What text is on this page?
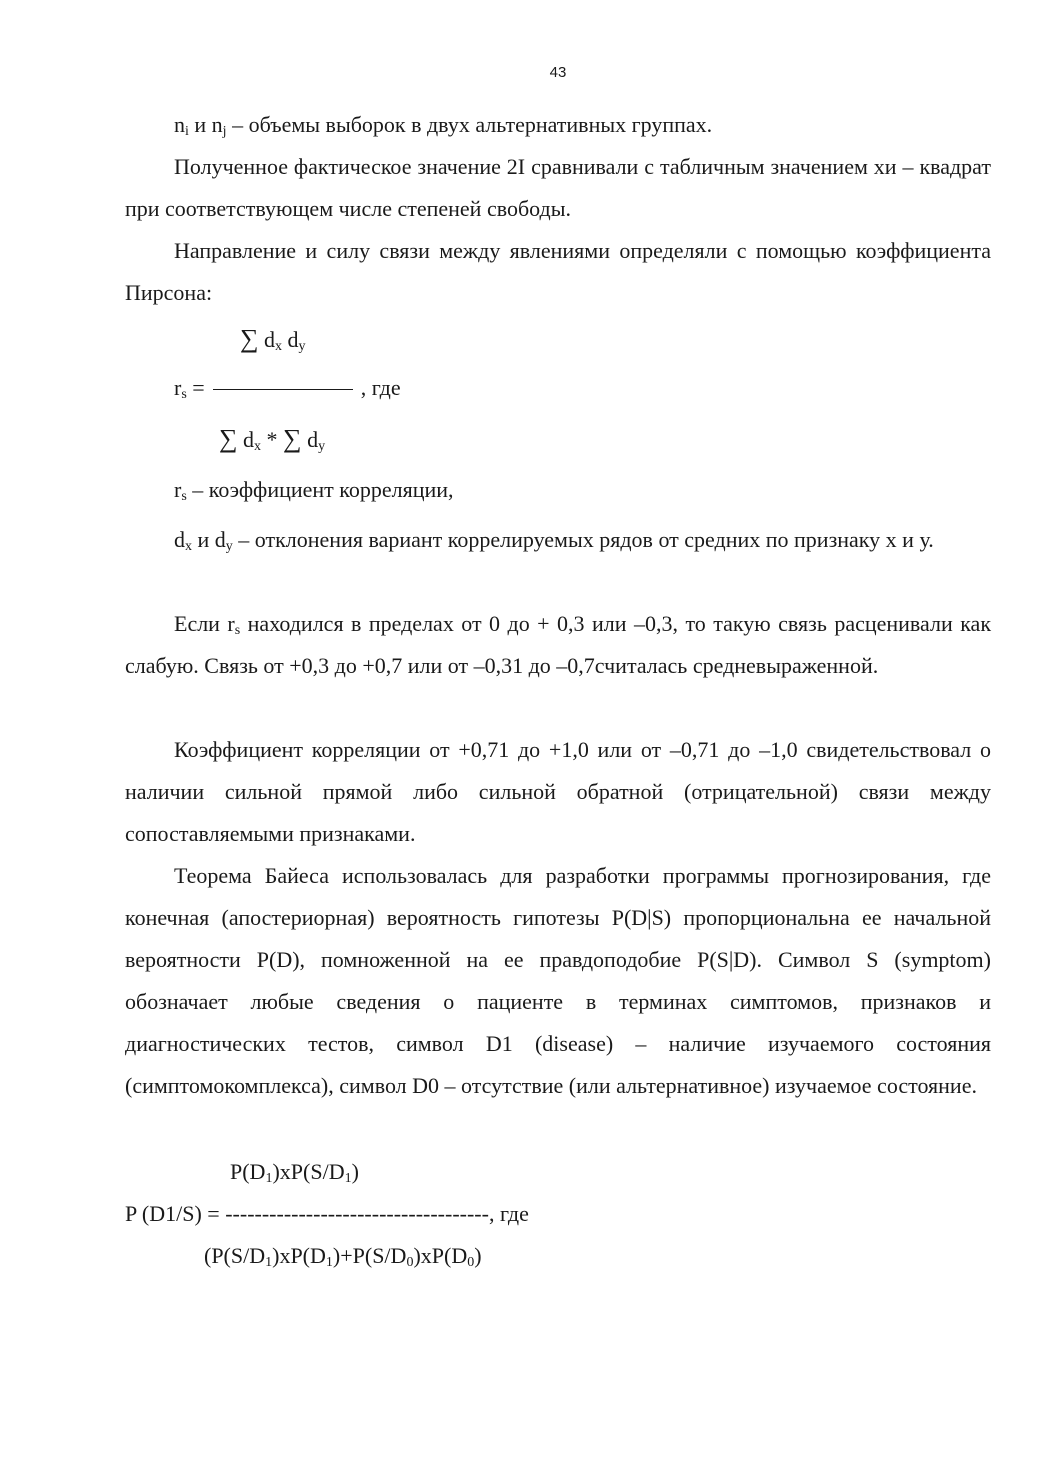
43

$n_i$ и $n_j$ – объемы выборок в двух альтернативных группах.

Полученное фактическое значение 2I сравнивали с табличным значением хи – квадрат при соответствующем числе степеней свободы.

Направление и силу связи между явлениями определяли с помощью коэффициента Пирсона:

∑ $d_x$ $d_y$
$r_s$ =	, где
∑ $d_x$ * ∑ $d_y$

$r_s$ – коэффициент корреляции,

$d_x$ и $d_y$ – отклонения вариант коррелируемых рядов от средних по признаку х и у.

Если $r_s$ находился в пределах от 0 до + 0,3 или –0,3, то такую связь расценивали как слабую. Связь от +0,3 до +0,7 или от –0,31 до –0,7считалась средневыраженной.

Коэффициент корреляции от +0,71 до +1,0 или от –0,71 до –1,0 свидетельствовал о наличии сильной прямой либо сильной обратной (отрицательной) связи между сопоставляемыми признаками.

Теорема Байеса использовалась для разработки программы прогнозирования, где конечная (апостериорная) вероятность гипотезы P(D|S) пропорциональна ее начальной вероятности P(D), помноженной на ее правдоподобие P(S|D). Символ S (symptom) обозначает любые сведения о пациенте в терминах симптомов, признаков и диагностических тестов, символ D1 (disease) – наличие изучаемого состояния (симптомокомплекса), символ D0 – отсутствие (или альтернативное) изучаемое состояние.

$P(D_1)xP(S/D_1)$
P (D1/S) = ------------------------------------, где
($P(S/D_1)xP(D_1)+P(S/D_0)xP(D_0)$
